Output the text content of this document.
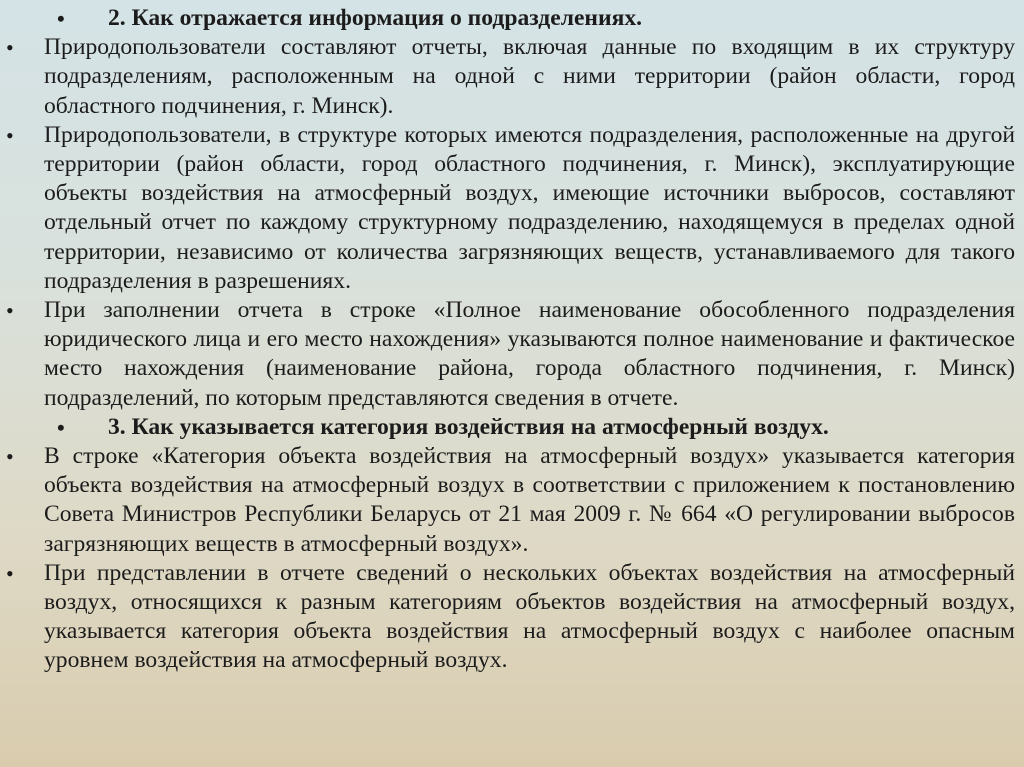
• 2. Как отражается информация о подразделениях.
• Природопользователи составляют отчеты, включая данные по входящим в их структуру подразделениям, расположенным на одной с ними территории (район области, город областного подчинения, г. Минск).
• Природопользователи, в структуре которых имеются подразделения, расположенные на другой территории (район области, город областного подчинения, г. Минск), эксплуатирующие объекты воздействия на атмосферный воздух, имеющие источники выбросов, составляют отдельный отчет по каждому структурному подразделению, находящемуся в пределах одной территории, независимо от количества загрязняющих веществ, устанавливаемого для такого подразделения в разрешениях.
• При заполнении отчета в строке «Полное наименование обособленного подразделения юридического лица и его место нахождения» указываются полное наименование и фактическое место нахождения (наименование района, города областного подчинения, г. Минск) подразделений, по которым представляются сведения в отчете.
• 3. Как указывается категория воздействия на атмосферный воздух.
• В строке «Категория объекта воздействия на атмосферный воздух» указывается категория объекта воздействия на атмосферный воздух в соответствии с приложением к постановлению Совета Министров Республики Беларусь от 21 мая 2009 г. № 664 «О регулировании выбросов загрязняющих веществ в атмосферный воздух».
• При представлении в отчете сведений о нескольких объектах воздействия на атмосферный воздух, относящихся к разным категориям объектов воздействия на атмосферный воздух, указывается категория объекта воздействия на атмосферный воздух с наиболее опасным уровнем воздействия на атмосферный воздух.
